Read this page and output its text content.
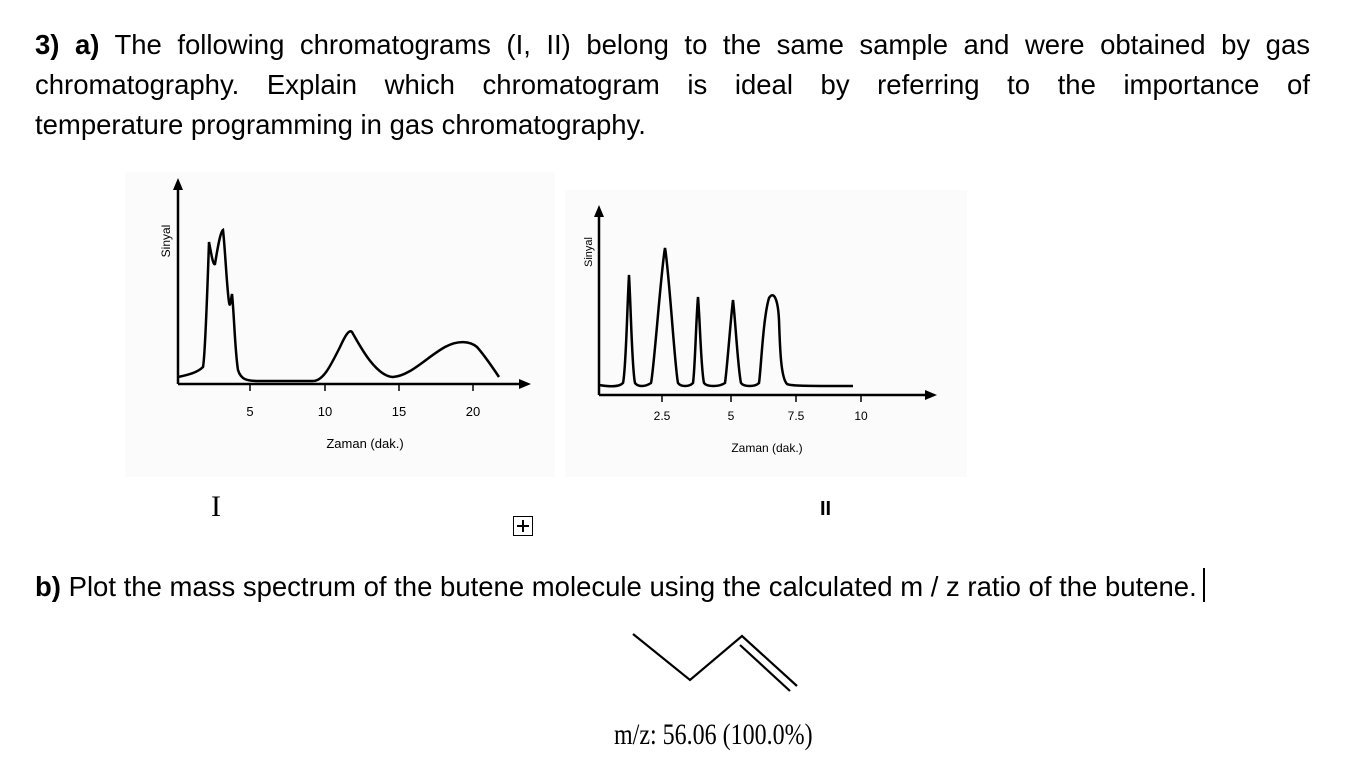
3) a) The following chromatograms (I, II) belong to the same sample and were obtained by gas
chromatography. Explain which chromatogram is ideal by referring to the importance of
temperature programming in gas chromatography.
5	10	15	20
Zaman (dak.)
Sinyal
2.5	5	7.5	10
Zaman (dak.)
Sinyal
I	II
b) Plot the mass spectrum of the butene molecule using the calculated m / z ratio of the butene.
m/z: 56.06 (100.0%)
